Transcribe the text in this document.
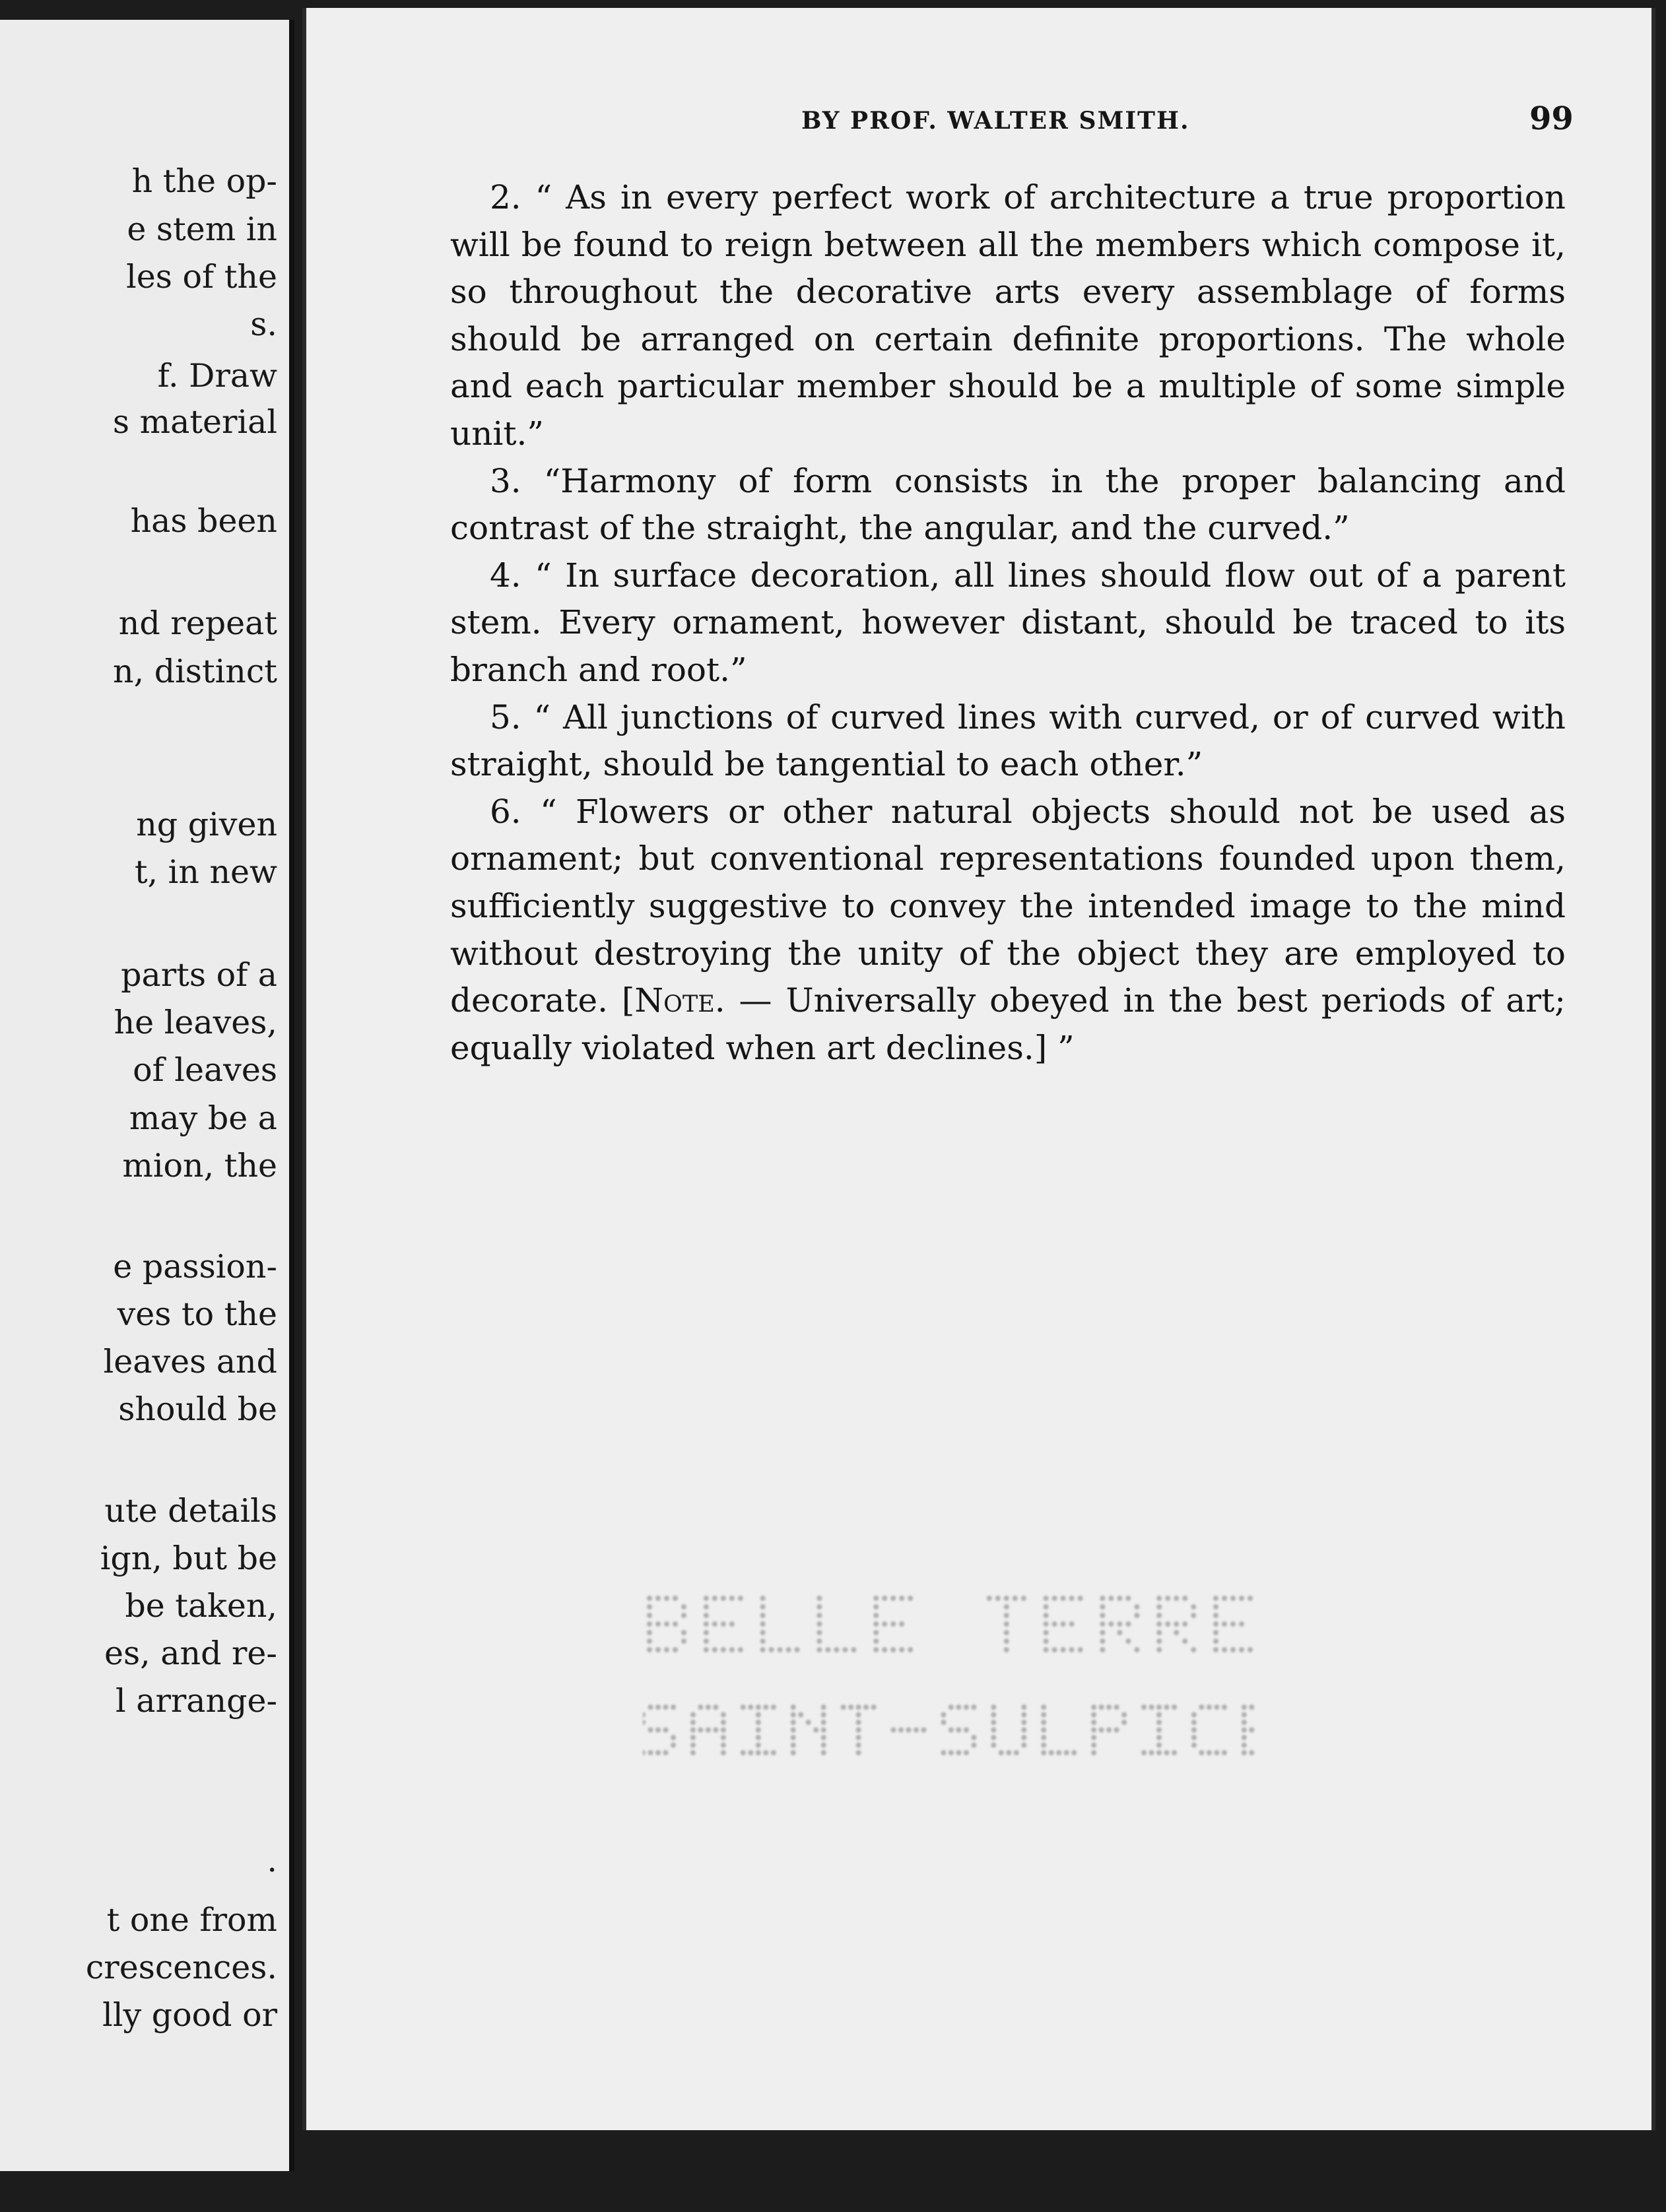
h the op-
e stem in
les of the
s.
f. Draw
s material
has been
nd repeat
n, distinct
ng given
t, in new
parts of a
he leaves,
of leaves
may be a
mion, the
e passion-
ves to the
leaves and
should be
ute details
ign, but be
be taken,
es, and re-
l arrange-
.
t one from
crescences.
lly good or
BY PROF. WALTER SMITH.	99

2. “ As in every perfect work of architecture a true proportion will be found to reign between all the members which compose it, so throughout the decorative arts every assemblage of forms should be arranged on certain definite proportions. The whole and each particular member should be a multiple of some simple unit.”

3. “Harmony of form consists in the proper balancing and contrast of the straight, the angular, and the curved.”

4. “ In surface decoration, all lines should flow out of a parent stem. Every ornament, however distant, should be traced to its branch and root.”

5. “ All junctions of curved lines with curved, or of curved with straight, should be tangential to each other.”

6. “ Flowers or other natural objects should not be used as ornament; but conventional representations founded upon them, sufficiently suggestive to convey the intended image to the mind without destroying the unity of the object they are employed to decorate. [Note. — Universally obeyed in the best periods of art; equally violated when art declines.] ”
